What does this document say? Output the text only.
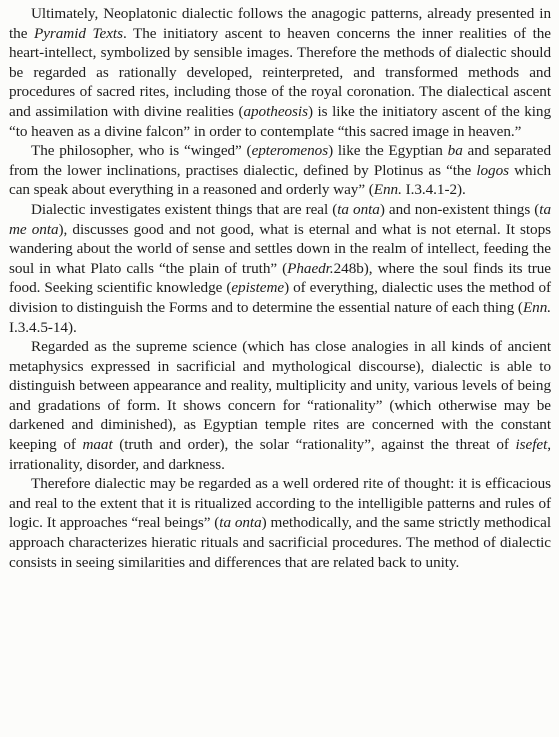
Ultimately, Neoplatonic dialectic follows the anagogic patterns, already presented in the Pyramid Texts. The initiatory ascent to heaven concerns the inner realities of the heart-intellect, symbolized by sensible images. Therefore the methods of dialectic should be regarded as rationally developed, reinterpreted, and transformed methods and procedures of sacred rites, including those of the royal coronation. The dialectical ascent and assimilation with divine realities (apotheosis) is like the initiatory ascent of the king “to heaven as a divine falcon” in order to contemplate “this sacred image in heaven.”

The philosopher, who is “winged” (epteromenos) like the Egyptian ba and separated from the lower inclinations, practises dialectic, defined by Plotinus as “the logos which can speak about everything in a reasoned and orderly way” (Enn. I.3.4.1-2).

Dialectic investigates existent things that are real (ta onta) and non-existent things (ta me onta), discusses good and not good, what is eternal and what is not eternal. It stops wandering about the world of sense and settles down in the realm of intellect, feeding the soul in what Plato calls “the plain of truth” (Phaedr.248b), where the soul finds its true food. Seeking scientific knowledge (episteme) of everything, dialectic uses the method of division to distinguish the Forms and to determine the essential nature of each thing (Enn. I.3.4.5-14).

Regarded as the supreme science (which has close analogies in all kinds of ancient metaphysics expressed in sacrificial and mythological discourse), dialectic is able to distinguish between appearance and reality, multiplicity and unity, various levels of being and gradations of form. It shows concern for “rationality” (which otherwise may be darkened and diminished), as Egyptian temple rites are concerned with the constant keeping of maat (truth and order), the solar “rationality”, against the threat of isefet, irrationality, disorder, and darkness.

Therefore dialectic may be regarded as a well ordered rite of thought: it is efficacious and real to the extent that it is ritualized according to the intelligible patterns and rules of logic. It approaches “real beings” (ta onta) methodically, and the same strictly methodical approach characterizes hieratic rituals and sacrificial procedures. The method of dialectic consists in seeing similarities and differences that are related back to unity.
